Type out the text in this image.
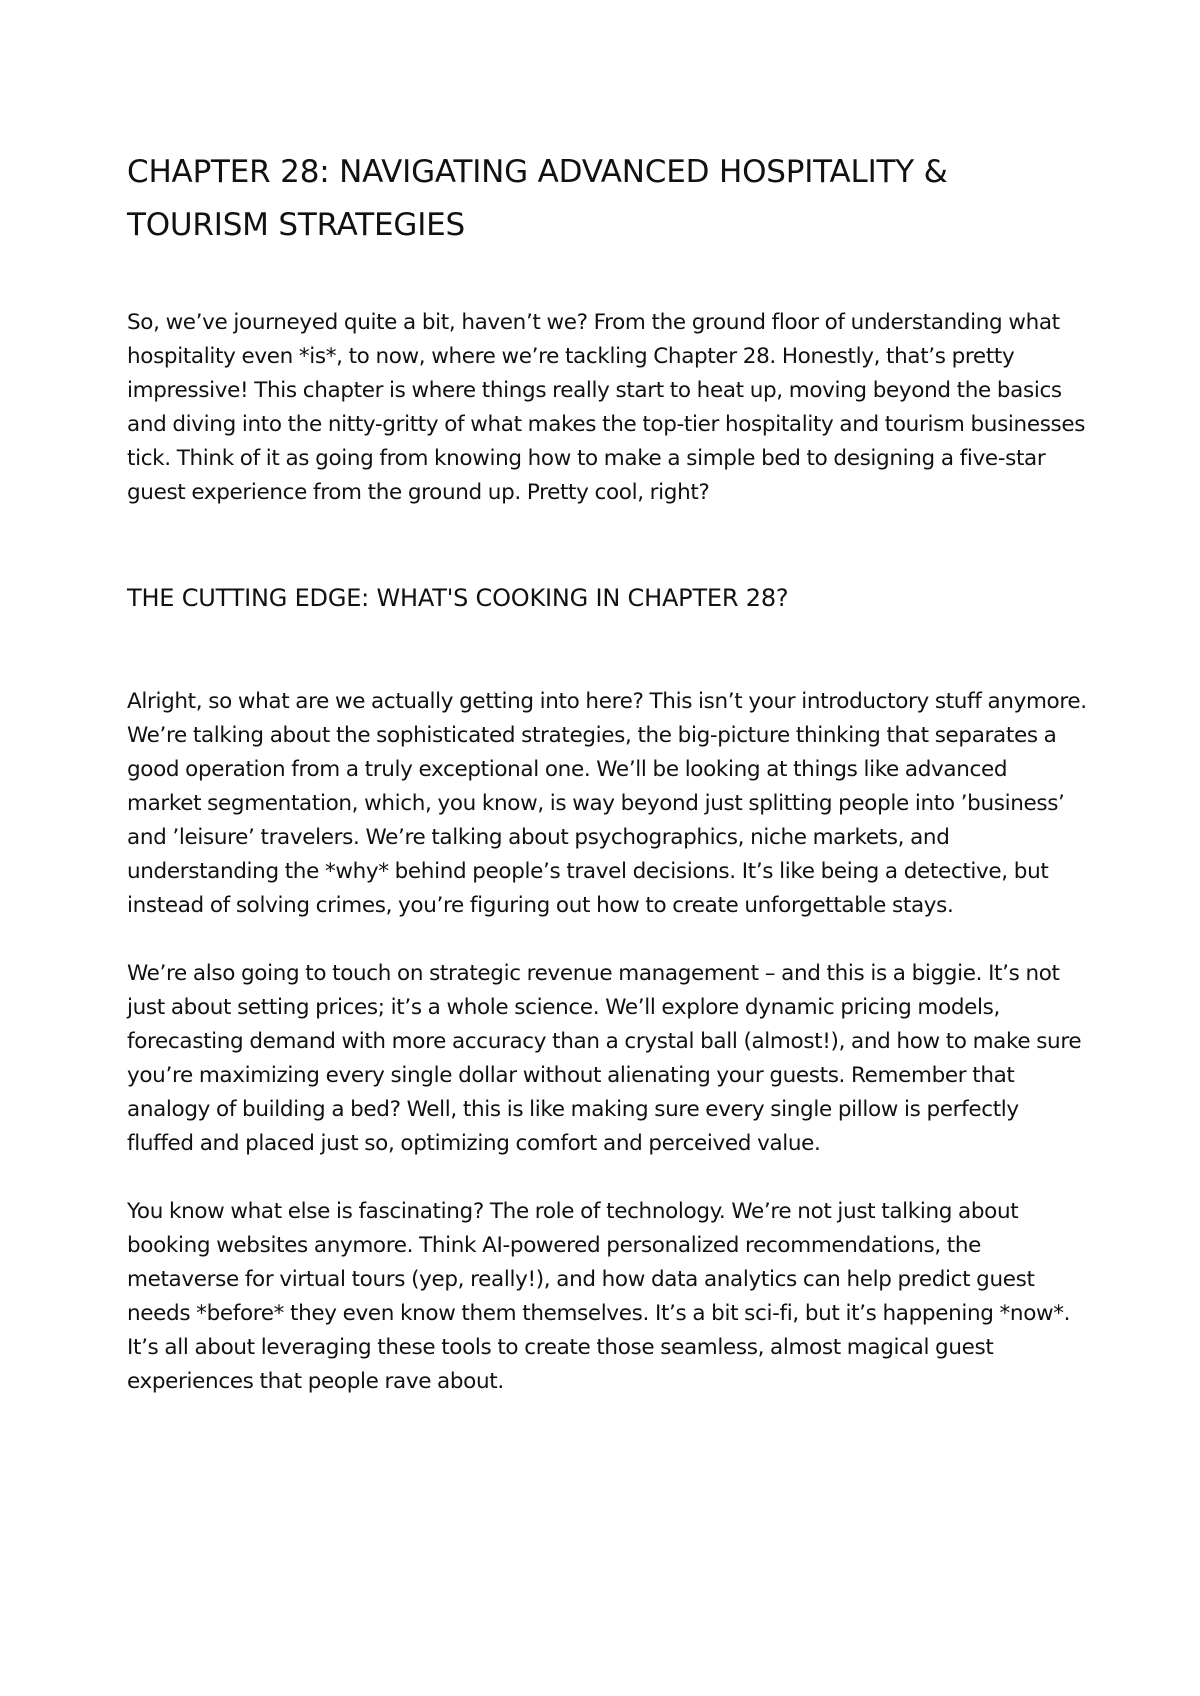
CHAPTER 28: NAVIGATING ADVANCED HOSPITALITY & TOURISM STRATEGIES

So, we’ve journeyed quite a bit, haven’t we? From the ground floor of understanding what hospitality even *is*, to now, where we’re tackling Chapter 28. Honestly, that’s pretty impressive! This chapter is where things really start to heat up, moving beyond the basics and diving into the nitty-gritty of what makes the top-tier hospitality and tourism businesses tick. Think of it as going from knowing how to make a simple bed to designing a five-star guest experience from the ground up. Pretty cool, right?

THE CUTTING EDGE: WHAT'S COOKING IN CHAPTER 28?

Alright, so what are we actually getting into here? This isn’t your introductory stuff anymore. We’re talking about the sophisticated strategies, the big-picture thinking that separates a good operation from a truly exceptional one. We’ll be looking at things like advanced market segmentation, which, you know, is way beyond just splitting people into ’business’ and ’leisure’ travelers. We’re talking about psychographics, niche markets, and understanding the *why* behind people’s travel decisions. It’s like being a detective, but instead of solving crimes, you’re figuring out how to create unforgettable stays.

We’re also going to touch on strategic revenue management – and this is a biggie. It’s not just about setting prices; it’s a whole science. We’ll explore dynamic pricing models, forecasting demand with more accuracy than a crystal ball (almost!), and how to make sure you’re maximizing every single dollar without alienating your guests. Remember that analogy of building a bed? Well, this is like making sure every single pillow is perfectly fluffed and placed just so, optimizing comfort and perceived value.

You know what else is fascinating? The role of technology. We’re not just talking about booking websites anymore. Think AI-powered personalized recommendations, the metaverse for virtual tours (yep, really!), and how data analytics can help predict guest needs *before* they even know them themselves. It’s a bit sci-fi, but it’s happening *now*. It’s all about leveraging these tools to create those seamless, almost magical guest experiences that people rave about.
